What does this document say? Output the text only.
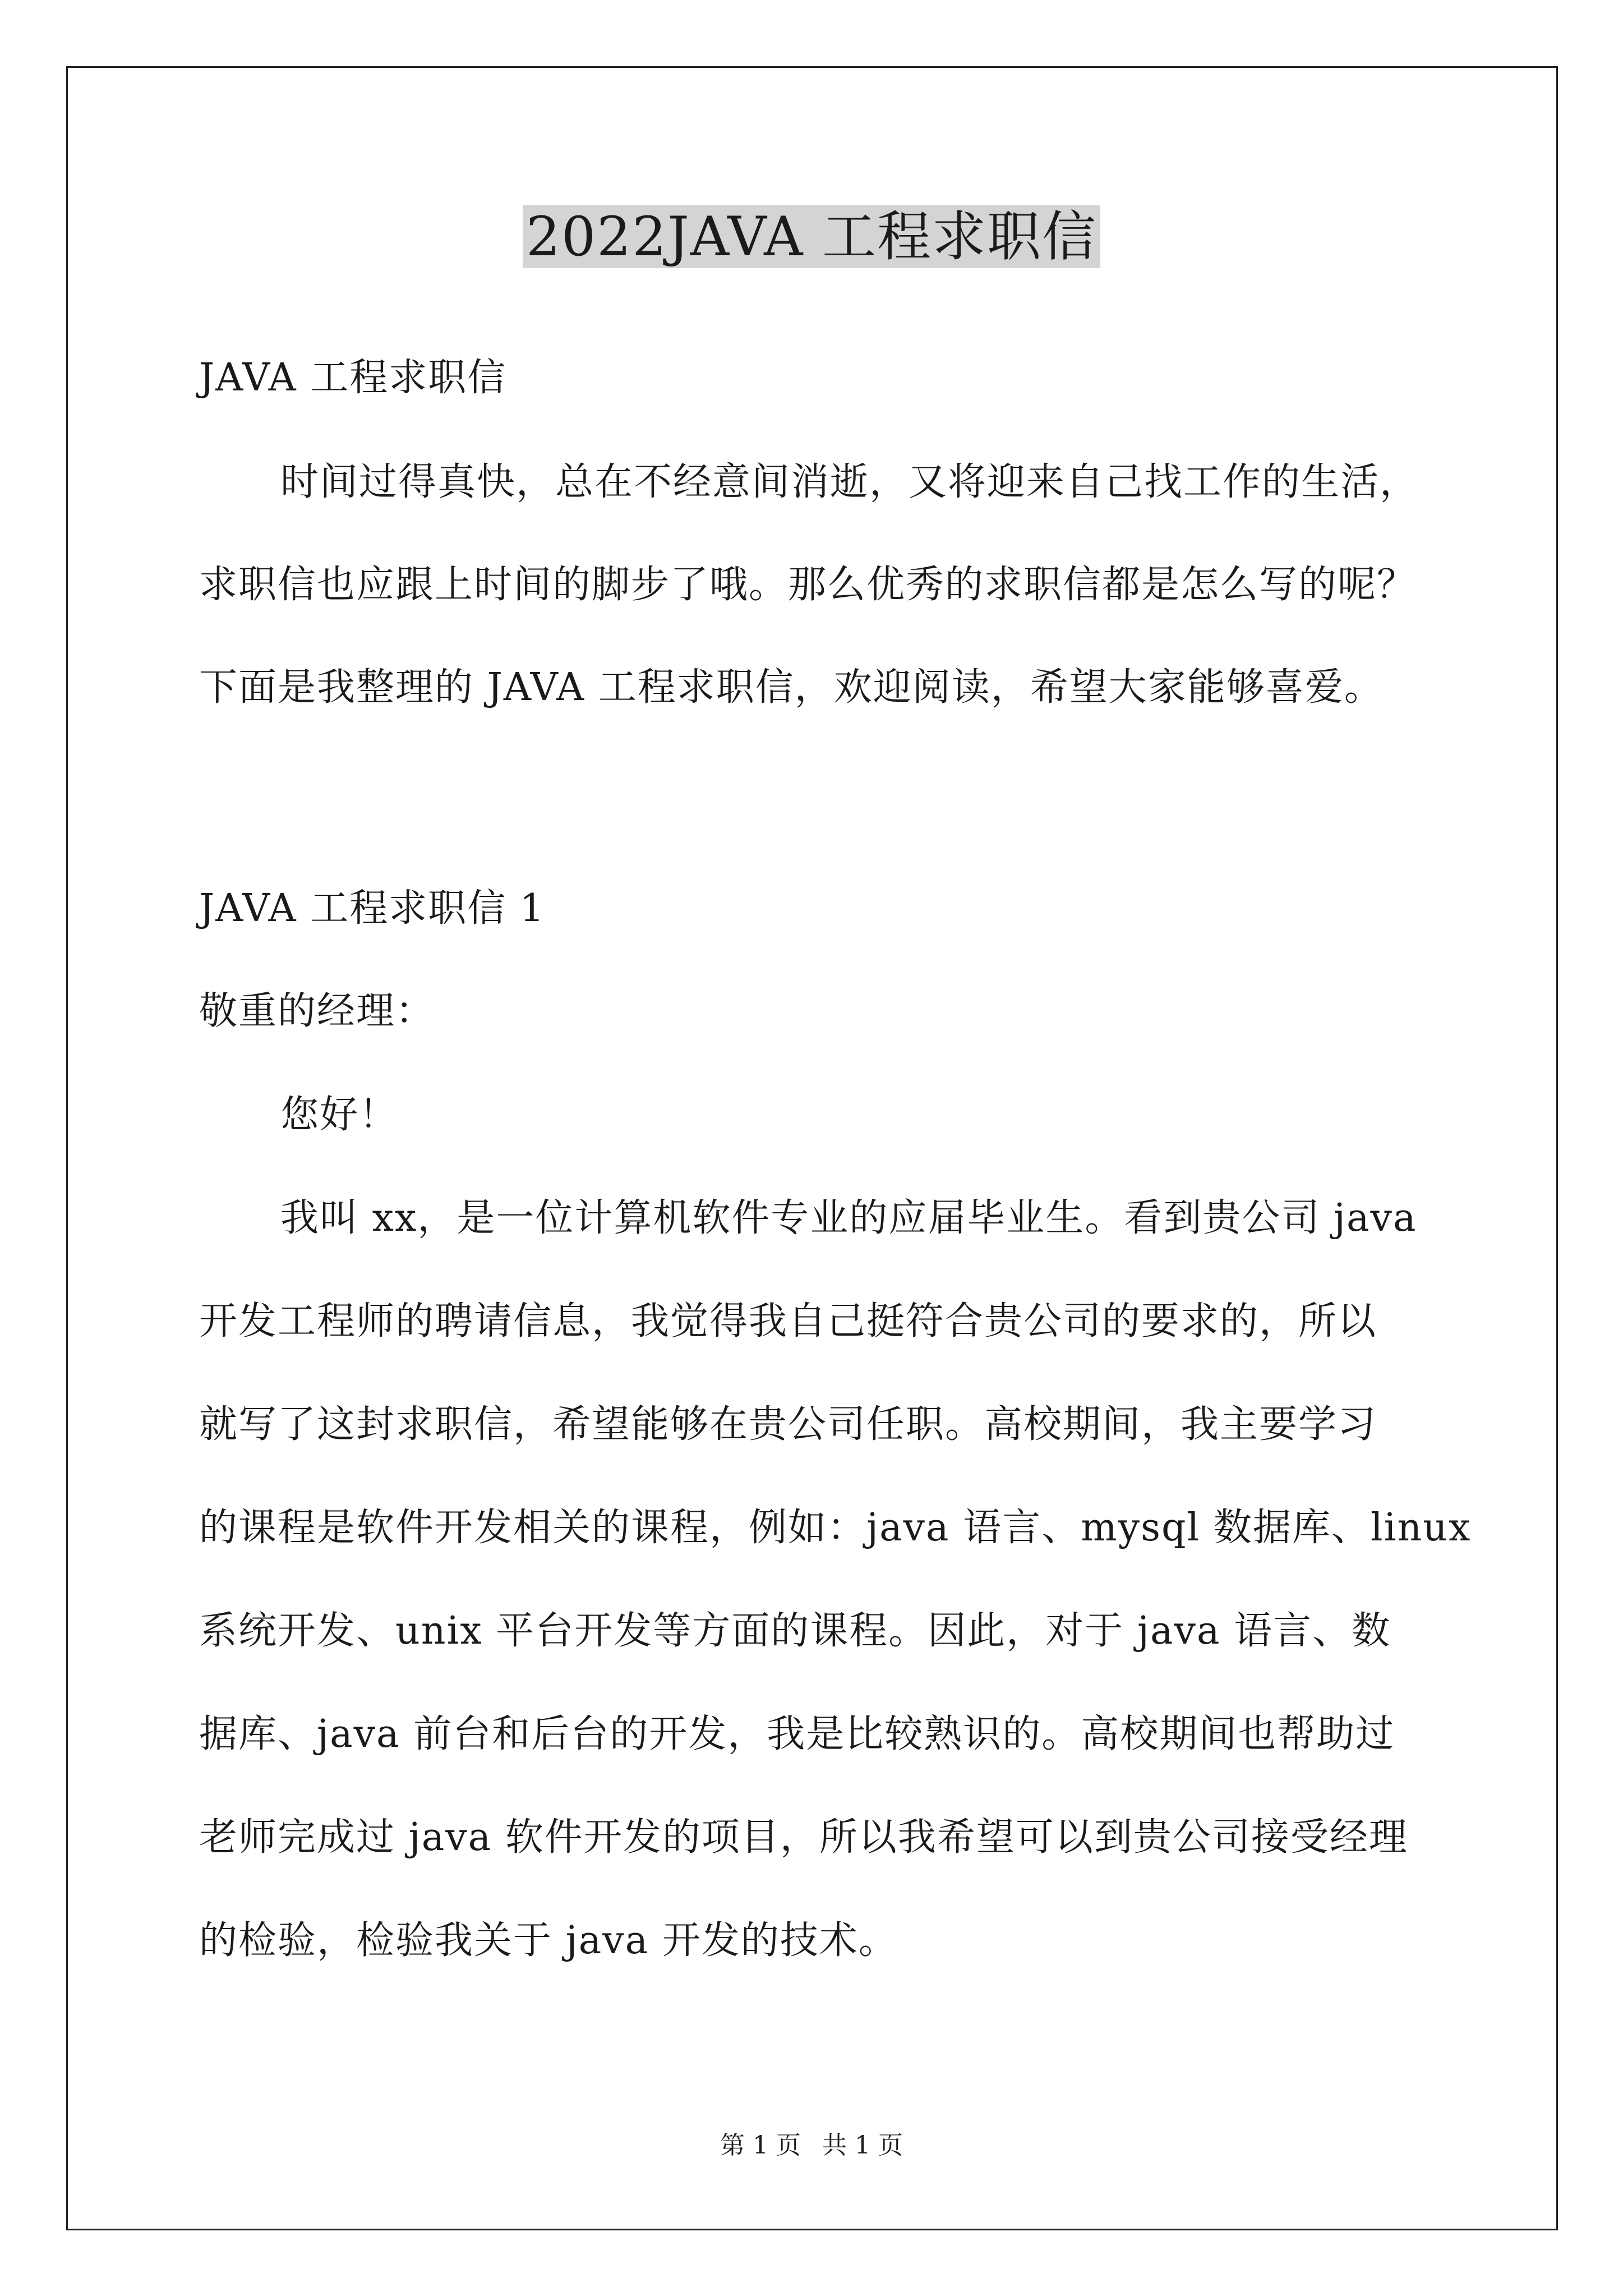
2022JAVA 工程求职信
JAVA 工程求职信
时间过得真快，总在不经意间消逝，又将迎来自己找工作的生活，
求职信也应跟上时间的脚步了哦。那么优秀的求职信都是怎么写的呢？
下面是我整理的 JAVA 工程求职信，欢迎阅读，希望大家能够喜爱。
JAVA 工程求职信 1
敬重的经理：
您好！
我叫 xx，是一位计算机软件专业的应届毕业生。看到贵公司 java
开发工程师的聘请信息，我觉得我自己挺符合贵公司的要求的，所以
就写了这封求职信，希望能够在贵公司任职。高校期间，我主要学习
的课程是软件开发相关的课程，例如：java 语言、mysql 数据库、linux
系统开发、unix 平台开发等方面的课程。因此，对于 java 语言、数
据库、java 前台和后台的开发，我是比较熟识的。高校期间也帮助过
老师完成过 java 软件开发的项目，所以我希望可以到贵公司接受经理
的检验，检验我关于 java 开发的技术。
第 1 页 共 1 页
